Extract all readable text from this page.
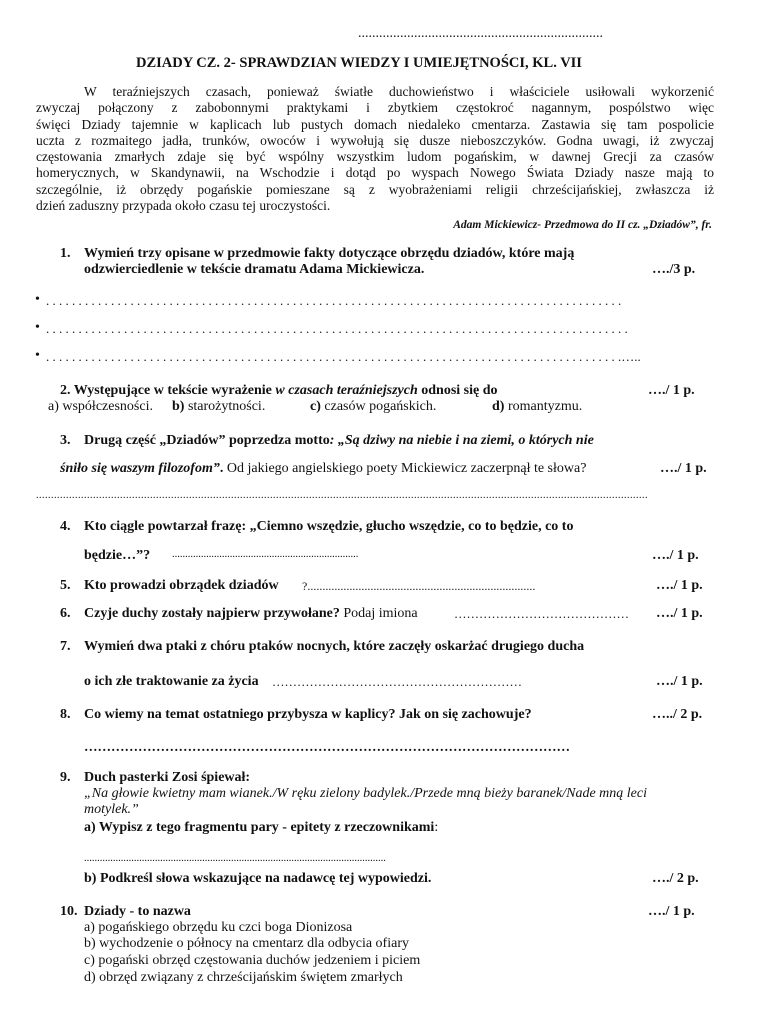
......................................................................
DZIADY CZ. 2- SPRAWDZIAN WIEDZY I UMIEJĘTNOŚCI, KL. VII
W teraźniejszych czasach, ponieważ światłe duchowieństwo i właściciele usiłowali wykorzenić
zwyczaj połączony z zabobonnymi praktykami i zbytkiem częstokroć nagannym, pospólstwo więc
święci Dziady tajemnie w kaplicach lub pustych domach niedaleko cmentarza. Zastawia się tam pospolicie
uczta z rozmaitego jadła, trunków, owoców i wywołują się dusze nieboszczyków. Godna uwagi, iż zwyczaj
częstowania zmarłych zdaje się być wspólny wszystkim ludom pogańskim, w dawnej Grecji za czasów
homerycznych, w Skandynawii, na Wschodzie i dotąd po wyspach Nowego Świata Dziady nasze mają to
szczególnie, iż obrzędy pogańskie pomieszane są z wyobrażeniami religii chrześcijańskiej, zwłaszcza iż
dzień zaduszny przypada około czasu tej uroczystości.
Adam Mickiewicz- Przedmowa do II cz. „Dziadów”, fr.
1. Wymień trzy opisane w przedmowie fakty dotyczące obrzędu dziadów, które mają
odzwierciedlenie w tekście dramatu Adama Mickiewicza.	…./3 p.
• . . . . . . . . . . . . . . . . . . . . . . . . . . . . . . . . . . . . . . . . . . . . . . . . . . . . . . . . . . . . . . . . . . . . . . . . . . . . . . . . . . . . . . . . .
• . . . . . . . . . . . . . . . . . . . . . . . . . . . . . . . . . . . . . . . . . . . . . . . . . . . . . . . . . . . . . . . . . . . . . . . . . . . . . . . . . . . . . . . . . .
• . . . . . . . . . . . . . . . . . . . . . . . . . . . . . . . . . . . . . . . . . . . . . . . . . . . . . . . . . . . . . . . . . . . . . . . . . . . . . . . . . . . . . . . . .…..
2. Występujące w tekście wyrażenie w czasach teraźniejszych odnosi się do	…./ 1 p.
a) współczesności. b) starożytności.	c) czasów pogańskich.	d) romantyzmu.
3. Drugą część „Dziadów” poprzedza motto: „Są dziwy na niebie i na ziemi, o których nie
śniło się waszym filozofom”. Od jakiego angielskiego poety Mickiewicz zaczerpnął te słowa?	…./ 1 p.
............................................................................................................................................................................................................
4. Kto ciągle powtarzał frazę: „Ciemno wszędzie, głucho wszędzie, co to będzie, co to
będzie…”? .......................................................................	…./ 1 p.
5. Kto prowadzi obrządek dziadów ?............................................................................	…./ 1 p.
6. Czyje duchy zostały najpierw przywołane? Podaj imiona	…………………………………… …./ 1 p.
7. Wymień dwa ptaki z chóru ptaków nocnych, które zaczęły oskarżać drugiego ducha
o ich złe traktowanie za życia ……………………………………………………	…./ 1 p.
8. Co wiemy na temat ostatniego przybysza w kaplicy? Jak on się zachowuje?	…../ 2 p.
………………………………………………………………………………………………
9. Duch pasterki Zosi śpiewał:
„Na głowie kwietny mam wianek./W ręku zielony badylek./Przede mną bieży baranek/Nade mną leci
motylek.”
a) Wypisz z tego fragmentu pary - epitety z rzeczownikami:
...................................................................................................................
b) Podkreśl słowa wskazujące na nadawcę tej wypowiedzi.	…./ 2 p.
10. Dziady - to nazwa	…./ 1 p.
a) pogańskiego obrzędu ku czci boga Dionizosa
b) wychodzenie o północy na cmentarz dla odbycia ofiary
c) pogański obrzęd częstowania duchów jedzeniem i piciem
d) obrzęd związany z chrześcijańskim świętem zmarłych
